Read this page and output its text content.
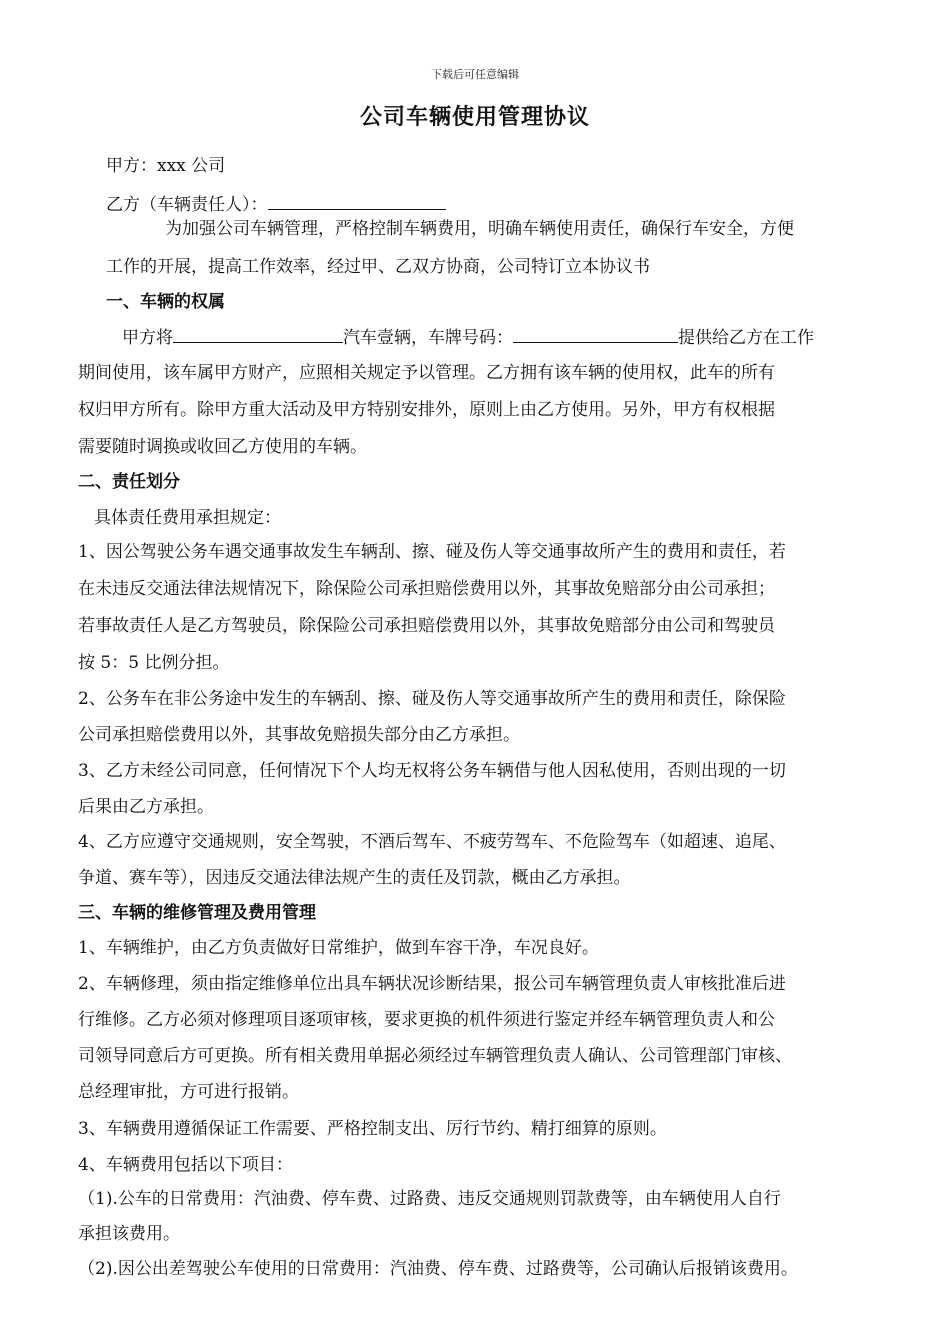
下载后可任意编辑
公司车辆使用管理协议
甲方：xxx 公司
乙方（车辆责任人）：
为加强公司车辆管理，严格控制车辆费用，明确车辆使用责任，确保行车安全，方便
工作的开展，提高工作效率，经过甲、乙双方协商，公司特订立本协议书
一、车辆的权属
甲方将	汽车壹辆，车牌号码：	提供给乙方在工作
期间使用，该车属甲方财产，应照相关规定予以管理。乙方拥有该车辆的使用权，此车的所有
权归甲方所有。除甲方重大活动及甲方特别安排外，原则上由乙方使用。另外，甲方有权根据
需要随时调换或收回乙方使用的车辆。
二、责任划分
具体责任费用承担规定：
1、因公驾驶公务车遇交通事故发生车辆刮、擦、碰及伤人等交通事故所产生的费用和责任，若
在未违反交通法律法规情况下，除保险公司承担赔偿费用以外，其事故免赔部分由公司承担；
若事故责任人是乙方驾驶员，除保险公司承担赔偿费用以外，其事故免赔部分由公司和驾驶员
按 5：5 比例分担。
2、公务车在非公务途中发生的车辆刮、擦、碰及伤人等交通事故所产生的费用和责任，除保险
公司承担赔偿费用以外，其事故免赔损失部分由乙方承担。
3、乙方未经公司同意，任何情况下个人均无权将公务车辆借与他人因私使用，否则出现的一切
后果由乙方承担。
4、乙方应遵守交通规则，安全驾驶，不酒后驾车、不疲劳驾车、不危险驾车（如超速、追尾、
争道、赛车等），因违反交通法律法规产生的责任及罚款，概由乙方承担。
三、车辆的维修管理及费用管理
1、车辆维护，由乙方负责做好日常维护，做到车容干净，车况良好。
2、车辆修理，须由指定维修单位出具车辆状况诊断结果，报公司车辆管理负责人审核批准后进
行维修。乙方必须对修理项目逐项审核，要求更换的机件须进行鉴定并经车辆管理负责人和公
司领导同意后方可更换。所有相关费用单据必须经过车辆管理负责人确认、公司管理部门审核、
总经理审批，方可进行报销。
3、车辆费用遵循保证工作需要、严格控制支出、厉行节约、精打细算的原则。
4、车辆费用包括以下项目：
（1).公车的日常费用：汽油费、停车费、过路费、违反交通规则罚款费等，由车辆使用人自行
承担该费用。
（2).因公出差驾驶公车使用的日常费用：汽油费、停车费、过路费等，公司确认后报销该费用。
